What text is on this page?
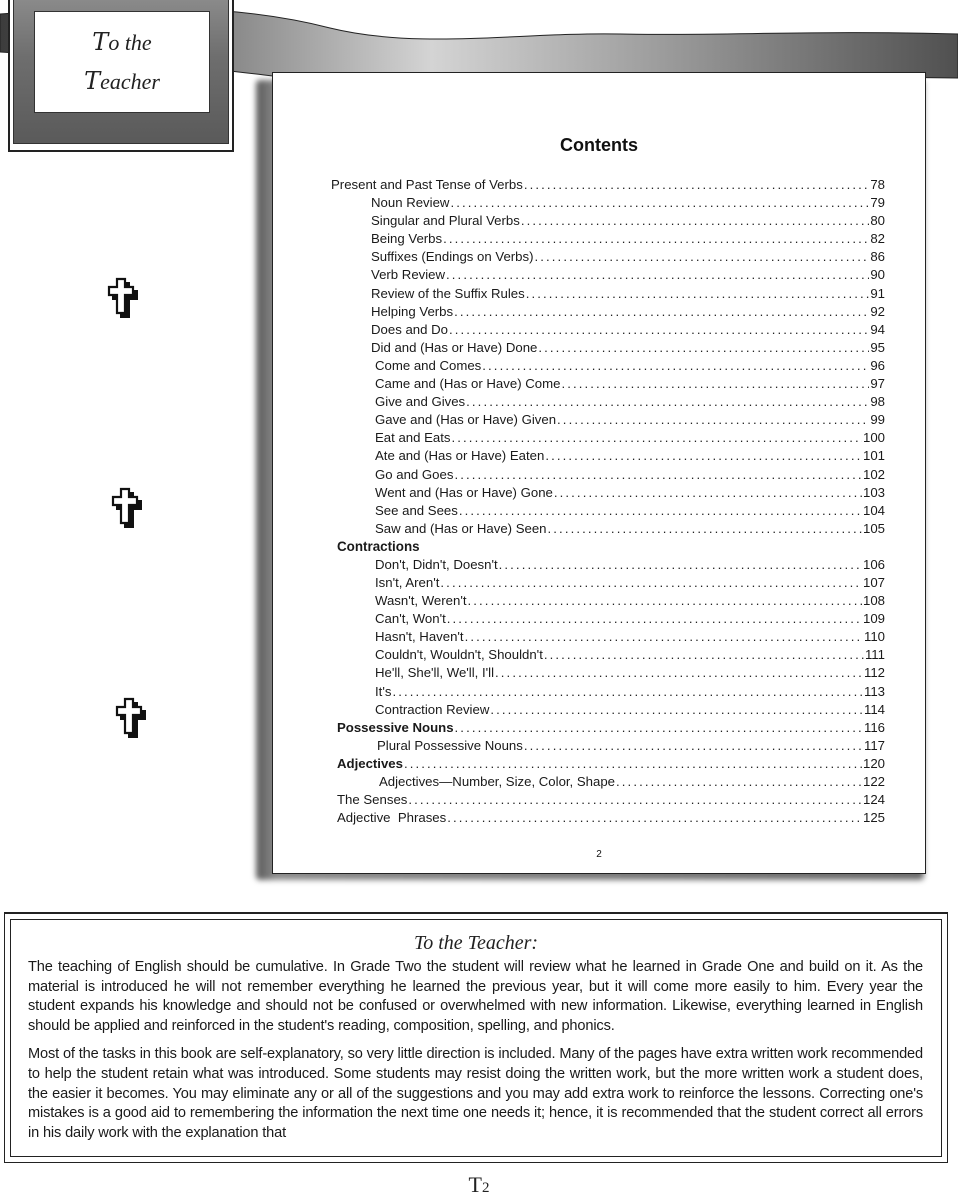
To the
Teacher
Contents
Present and Past Tense of Verbs .....	78
Noun Review .....	79
Singular and Plural Verbs .....	80
Being Verbs .....	82
Suffixes (Endings on Verbs) .....	86
Verb Review .....	90
Review of the Suffix Rules .....	91
Helping Verbs .....	92
Does and Do .....	94
Did and (Has or Have) Done .....	95
Come and Comes .....	96
Came and (Has or Have) Come .....	97
Give and Gives .....	98
Gave and (Has or Have) Given .....	99
Eat and Eats .....	100
Ate and (Has or Have) Eaten .....	101
Go and Goes .....	102
Went and (Has or Have) Gone .....	103
See and Sees .....	104
Saw and (Has or Have) Seen .....	105
Contractions
Don't, Didn't, Doesn't .....	106
Isn't, Aren't .....	107
Wasn't, Weren't .....	108
Can't, Won't .....	109
Hasn't, Haven't .....	110
Couldn't, Wouldn't, Shouldn't .....	111
He'll, She'll, We'll, I'll .....	112
It's .....	113
Contraction Review .....	114
Possessive Nouns .....	116
Plural Possessive Nouns .....	117
Adjectives .....	120
Adjectives—Number, Size, Color, Shape .....	122
The Senses .....	124
Adjective  Phrases .....	125
2
To the Teacher:

The teaching of English should be cumulative. In Grade Two the student will review what he learned in Grade One and build on it. As the material is introduced he will not remember everything he learned the previous year, but it will come more easily to him. Every year the student expands his knowledge and should not be confused or overwhelmed with new information. Likewise, everything learned in English should be applied and reinforced in the student's reading, composition, spelling, and phonics.

Most of the tasks in this book are self-explanatory, so very little direction is included. Many of the pages have extra written work recommended to help the student retain what was introduced. Some students may resist doing the written work, but the more written work a student does, the easier it becomes. You may eliminate any or all of the suggestions and you may add extra work to reinforce the lessons. Correcting one's mistakes is a good aid to remembering the information the next time one needs it; hence, it is recommended that the student correct all errors in his daily work with the explanation that

T2
